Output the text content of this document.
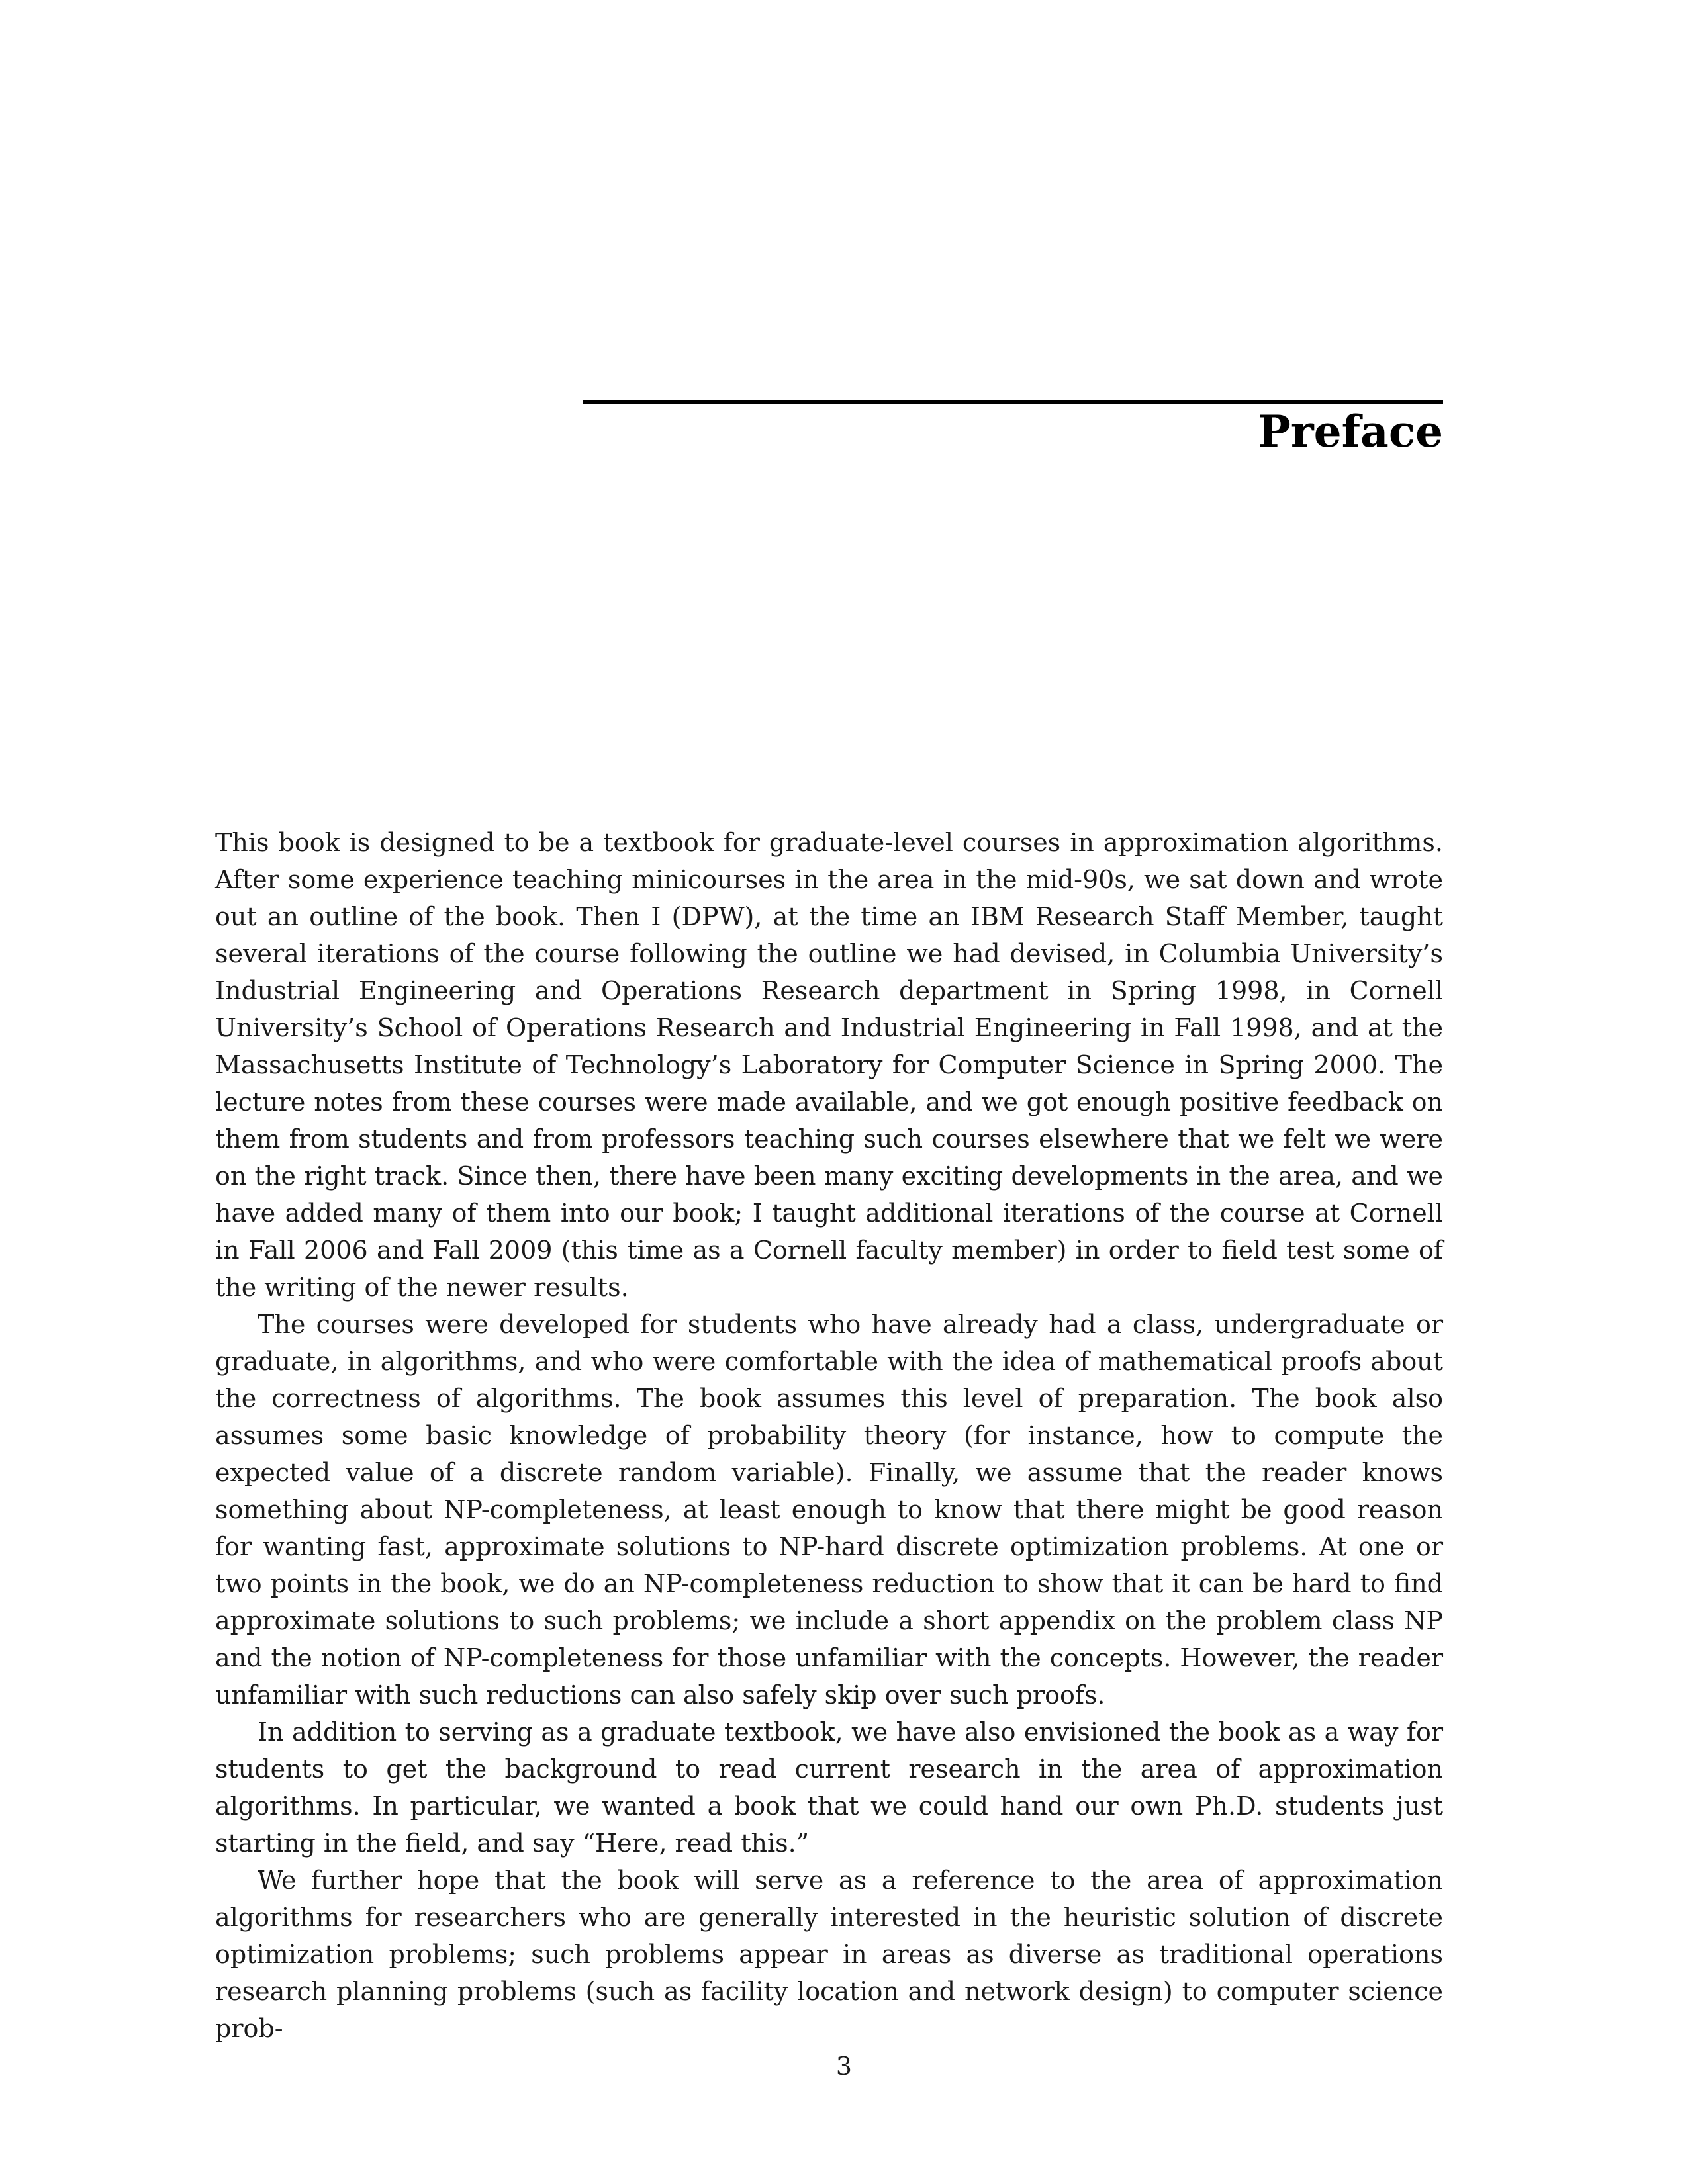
Preface

This book is designed to be a textbook for graduate-level courses in approximation algorithms. After some experience teaching minicourses in the area in the mid-90s, we sat down and wrote out an outline of the book. Then I (DPW), at the time an IBM Research Staff Member, taught several iterations of the course following the outline we had devised, in Columbia University’s Industrial Engineering and Operations Research department in Spring 1998, in Cornell University’s School of Operations Research and Industrial Engineering in Fall 1998, and at the Massachusetts Institute of Technology’s Laboratory for Computer Science in Spring 2000. The lecture notes from these courses were made available, and we got enough positive feedback on them from students and from professors teaching such courses elsewhere that we felt we were on the right track. Since then, there have been many exciting developments in the area, and we have added many of them into our book; I taught additional iterations of the course at Cornell in Fall 2006 and Fall 2009 (this time as a Cornell faculty member) in order to field test some of the writing of the newer results.

The courses were developed for students who have already had a class, undergraduate or graduate, in algorithms, and who were comfortable with the idea of mathematical proofs about the correctness of algorithms. The book assumes this level of preparation. The book also assumes some basic knowledge of probability theory (for instance, how to compute the expected value of a discrete random variable). Finally, we assume that the reader knows something about NP-completeness, at least enough to know that there might be good reason for wanting fast, approximate solutions to NP-hard discrete optimization problems. At one or two points in the book, we do an NP-completeness reduction to show that it can be hard to find approximate solutions to such problems; we include a short appendix on the problem class NP and the notion of NP-completeness for those unfamiliar with the concepts. However, the reader unfamiliar with such reductions can also safely skip over such proofs.

In addition to serving as a graduate textbook, we have also envisioned the book as a way for students to get the background to read current research in the area of approximation algorithms. In particular, we wanted a book that we could hand our own Ph.D. students just starting in the field, and say “Here, read this.”

We further hope that the book will serve as a reference to the area of approximation algorithms for researchers who are generally interested in the heuristic solution of discrete optimization problems; such problems appear in areas as diverse as traditional operations research planning problems (such as facility location and network design) to computer science prob-

3
